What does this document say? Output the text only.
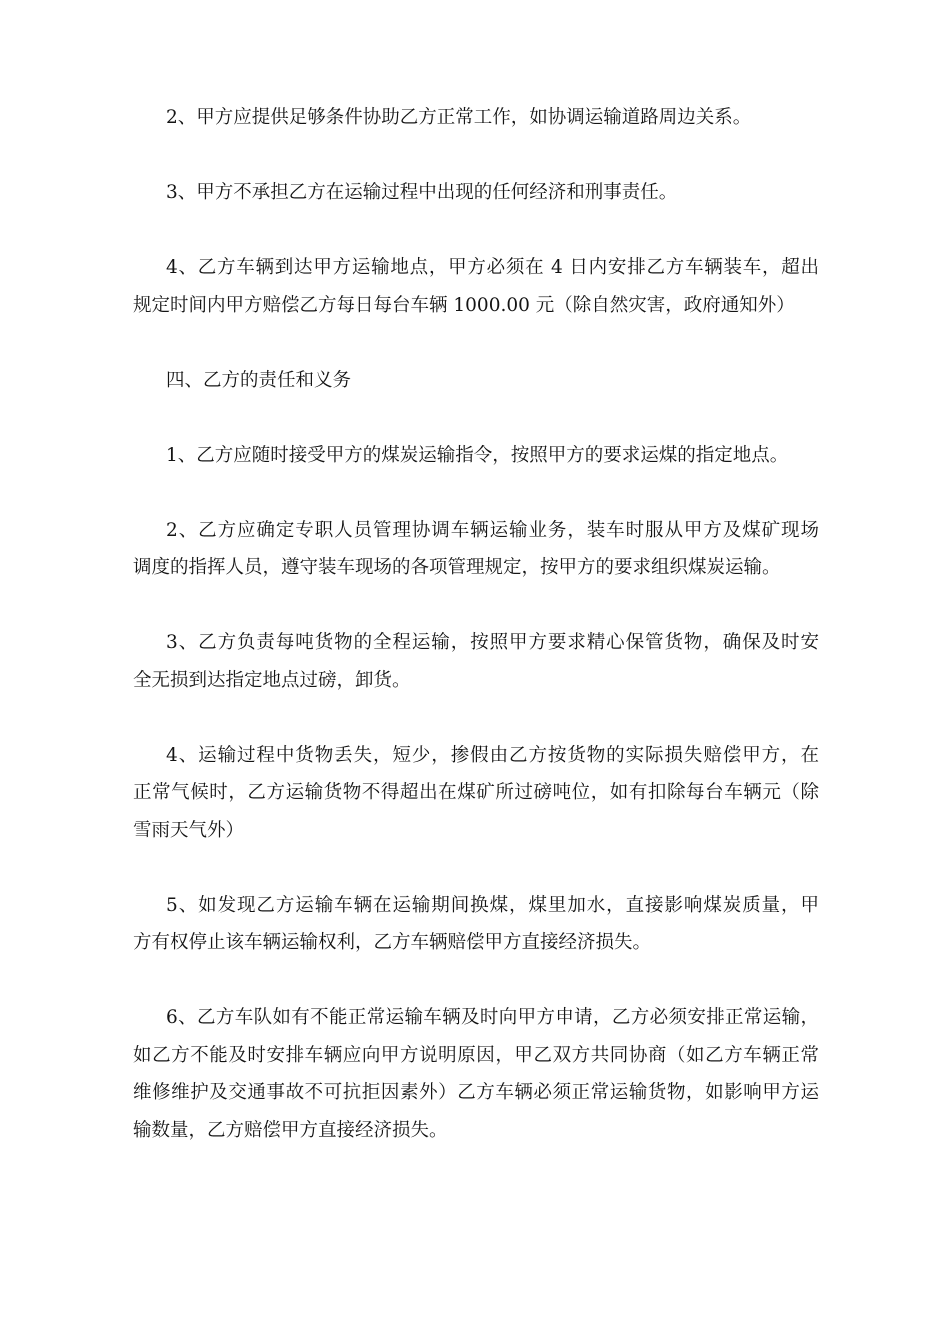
2、甲方应提供足够条件协助乙方正常工作，如协调运输道路周边关系。
3、甲方不承担乙方在运输过程中出现的任何经济和刑事责任。
4、乙方车辆到达甲方运输地点，甲方必须在 4 日内安排乙方车辆装车，超出
规定时间内甲方赔偿乙方每日每台车辆 1000.00 元（除自然灾害，政府通知外）
四、乙方的责任和义务
1、乙方应随时接受甲方的煤炭运输指令，按照甲方的要求运煤的指定地点。
2、乙方应确定专职人员管理协调车辆运输业务，装车时服从甲方及煤矿现场
调度的指挥人员，遵守装车现场的各项管理规定，按甲方的要求组织煤炭运输。
3、乙方负责每吨货物的全程运输，按照甲方要求精心保管货物，确保及时安
全无损到达指定地点过磅，卸货。
4、运输过程中货物丢失，短少，掺假由乙方按货物的实际损失赔偿甲方，在
正常气候时，乙方运输货物不得超出在煤矿所过磅吨位，如有扣除每台车辆元（除
雪雨天气外）
5、如发现乙方运输车辆在运输期间换煤，煤里加水，直接影响煤炭质量，甲
方有权停止该车辆运输权利，乙方车辆赔偿甲方直接经济损失。
6、乙方车队如有不能正常运输车辆及时向甲方申请，乙方必须安排正常运输，
如乙方不能及时安排车辆应向甲方说明原因，甲乙双方共同协商（如乙方车辆正常
维修维护及交通事故不可抗拒因素外）乙方车辆必须正常运输货物，如影响甲方运
输数量，乙方赔偿甲方直接经济损失。
